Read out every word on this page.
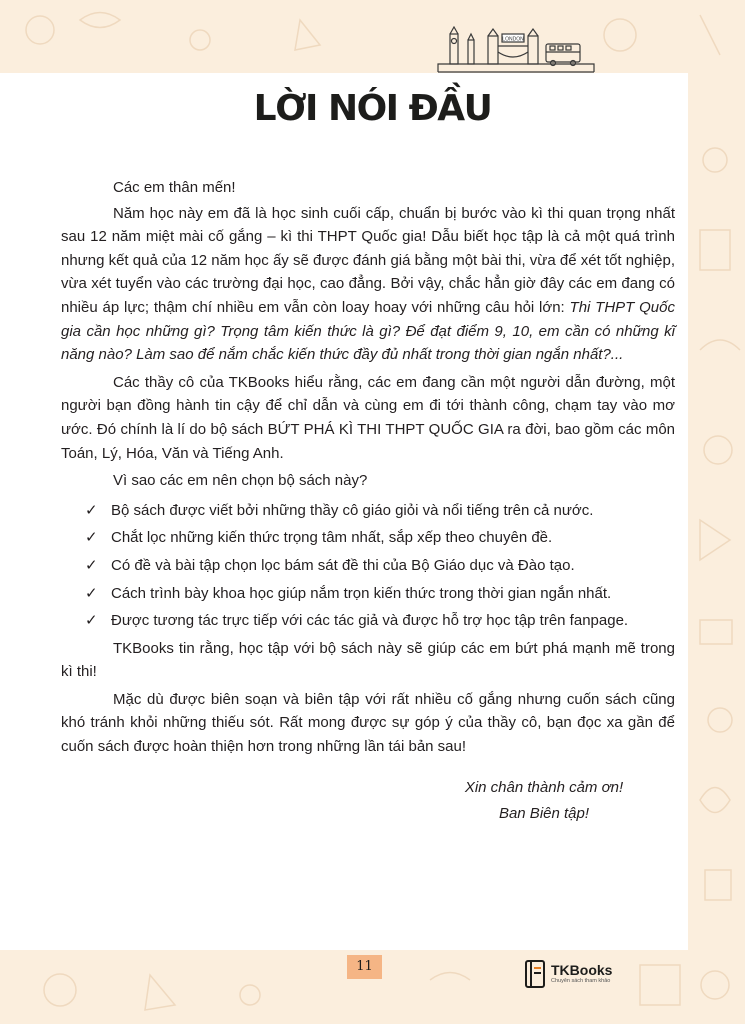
LONDON
LỜI NÓI ĐẦU

Các em thân mến!

Năm học này em đã là học sinh cuối cấp, chuẩn bị bước vào kì thi quan trọng nhất sau 12 năm miệt mài cố gắng – kì thi THPT Quốc gia! Dẫu biết học tập là cả một quá trình nhưng kết quả của 12 năm học ấy sẽ được đánh giá bằng một bài thi, vừa để xét tốt nghiệp, vừa xét tuyển vào các trường đại học, cao đẳng. Bởi vậy, chắc hẳn giờ đây các em đang có nhiều áp lực; thậm chí nhiều em vẫn còn loay hoay với những câu hỏi lớn: Thi THPT Quốc gia cần học những gì? Trọng tâm kiến thức là gì? Để đạt điểm 9, 10, em cần có những kĩ năng nào? Làm sao để nắm chắc kiến thức đầy đủ nhất trong thời gian ngắn nhất?...

Các thầy cô của TKBooks hiểu rằng, các em đang cần một người dẫn đường, một người bạn đồng hành tin cậy để chỉ dẫn và cùng em đi tới thành công, chạm tay vào mơ ước. Đó chính là lí do bộ sách BỨT PHÁ KÌ THI THPT QUỐC GIA ra đời, bao gồm các môn Toán, Lý, Hóa, Văn và Tiếng Anh.

Vì sao các em nên chọn bộ sách này?

✓ Bộ sách được viết bởi những thầy cô giáo giỏi và nổi tiếng trên cả nước.
✓ Chắt lọc những kiến thức trọng tâm nhất, sắp xếp theo chuyên đề.
✓ Có đề và bài tập chọn lọc bám sát đề thi của Bộ Giáo dục và Đào tạo.
✓ Cách trình bày khoa học giúp nắm trọn kiến thức trong thời gian ngắn nhất.
✓ Được tương tác trực tiếp với các tác giả và được hỗ trợ học tập trên fanpage.

TKBooks tin rằng, học tập với bộ sách này sẽ giúp các em bứt phá mạnh mẽ trong kì thi!

Mặc dù được biên soạn và biên tập với rất nhiều cố gắng nhưng cuốn sách cũng khó tránh khỏi những thiếu sót. Rất mong được sự góp ý của thầy cô, bạn đọc xa gần để cuốn sách được hoàn thiện hơn trong những lần tái bản sau!

Xin chân thành cảm ơn!
Ban Biên tập!
11	TKBooks
Chuyên sách tham khảo
